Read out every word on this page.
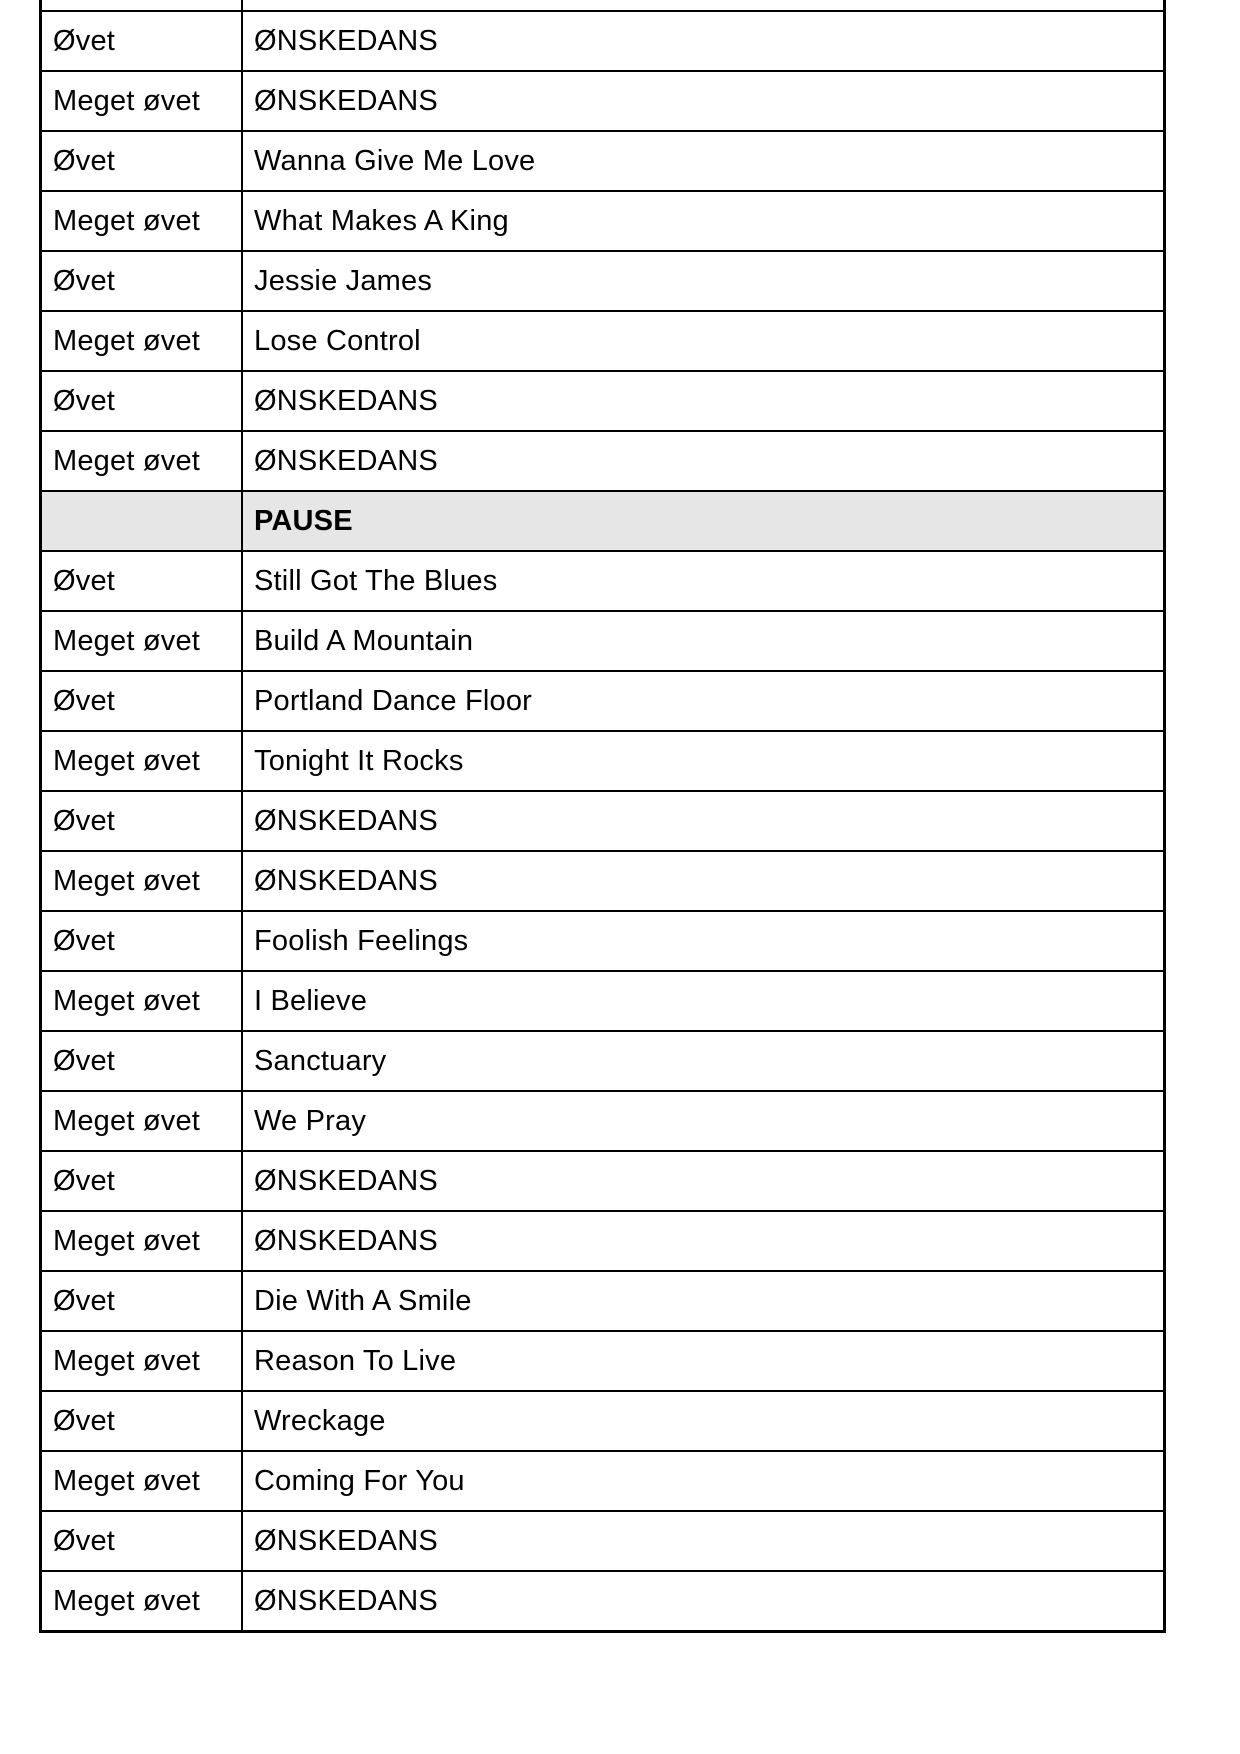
Øvet	ØNSKEDANS
Meget øvet	ØNSKEDANS
Øvet	Wanna Give Me Love
Meget øvet	What Makes A King
Øvet	Jessie James
Meget øvet	Lose Control
Øvet	ØNSKEDANS
Meget øvet	ØNSKEDANS
	PAUSE
Øvet	Still Got The Blues
Meget øvet	Build A Mountain
Øvet	Portland Dance Floor
Meget øvet	Tonight It Rocks
Øvet	ØNSKEDANS
Meget øvet	ØNSKEDANS
Øvet	Foolish Feelings
Meget øvet	I Believe
Øvet	Sanctuary
Meget øvet	We Pray
Øvet	ØNSKEDANS
Meget øvet	ØNSKEDANS
Øvet	Die With A Smile
Meget øvet	Reason To Live
Øvet	Wreckage
Meget øvet	Coming For You
Øvet	ØNSKEDANS
Meget øvet	ØNSKEDANS
